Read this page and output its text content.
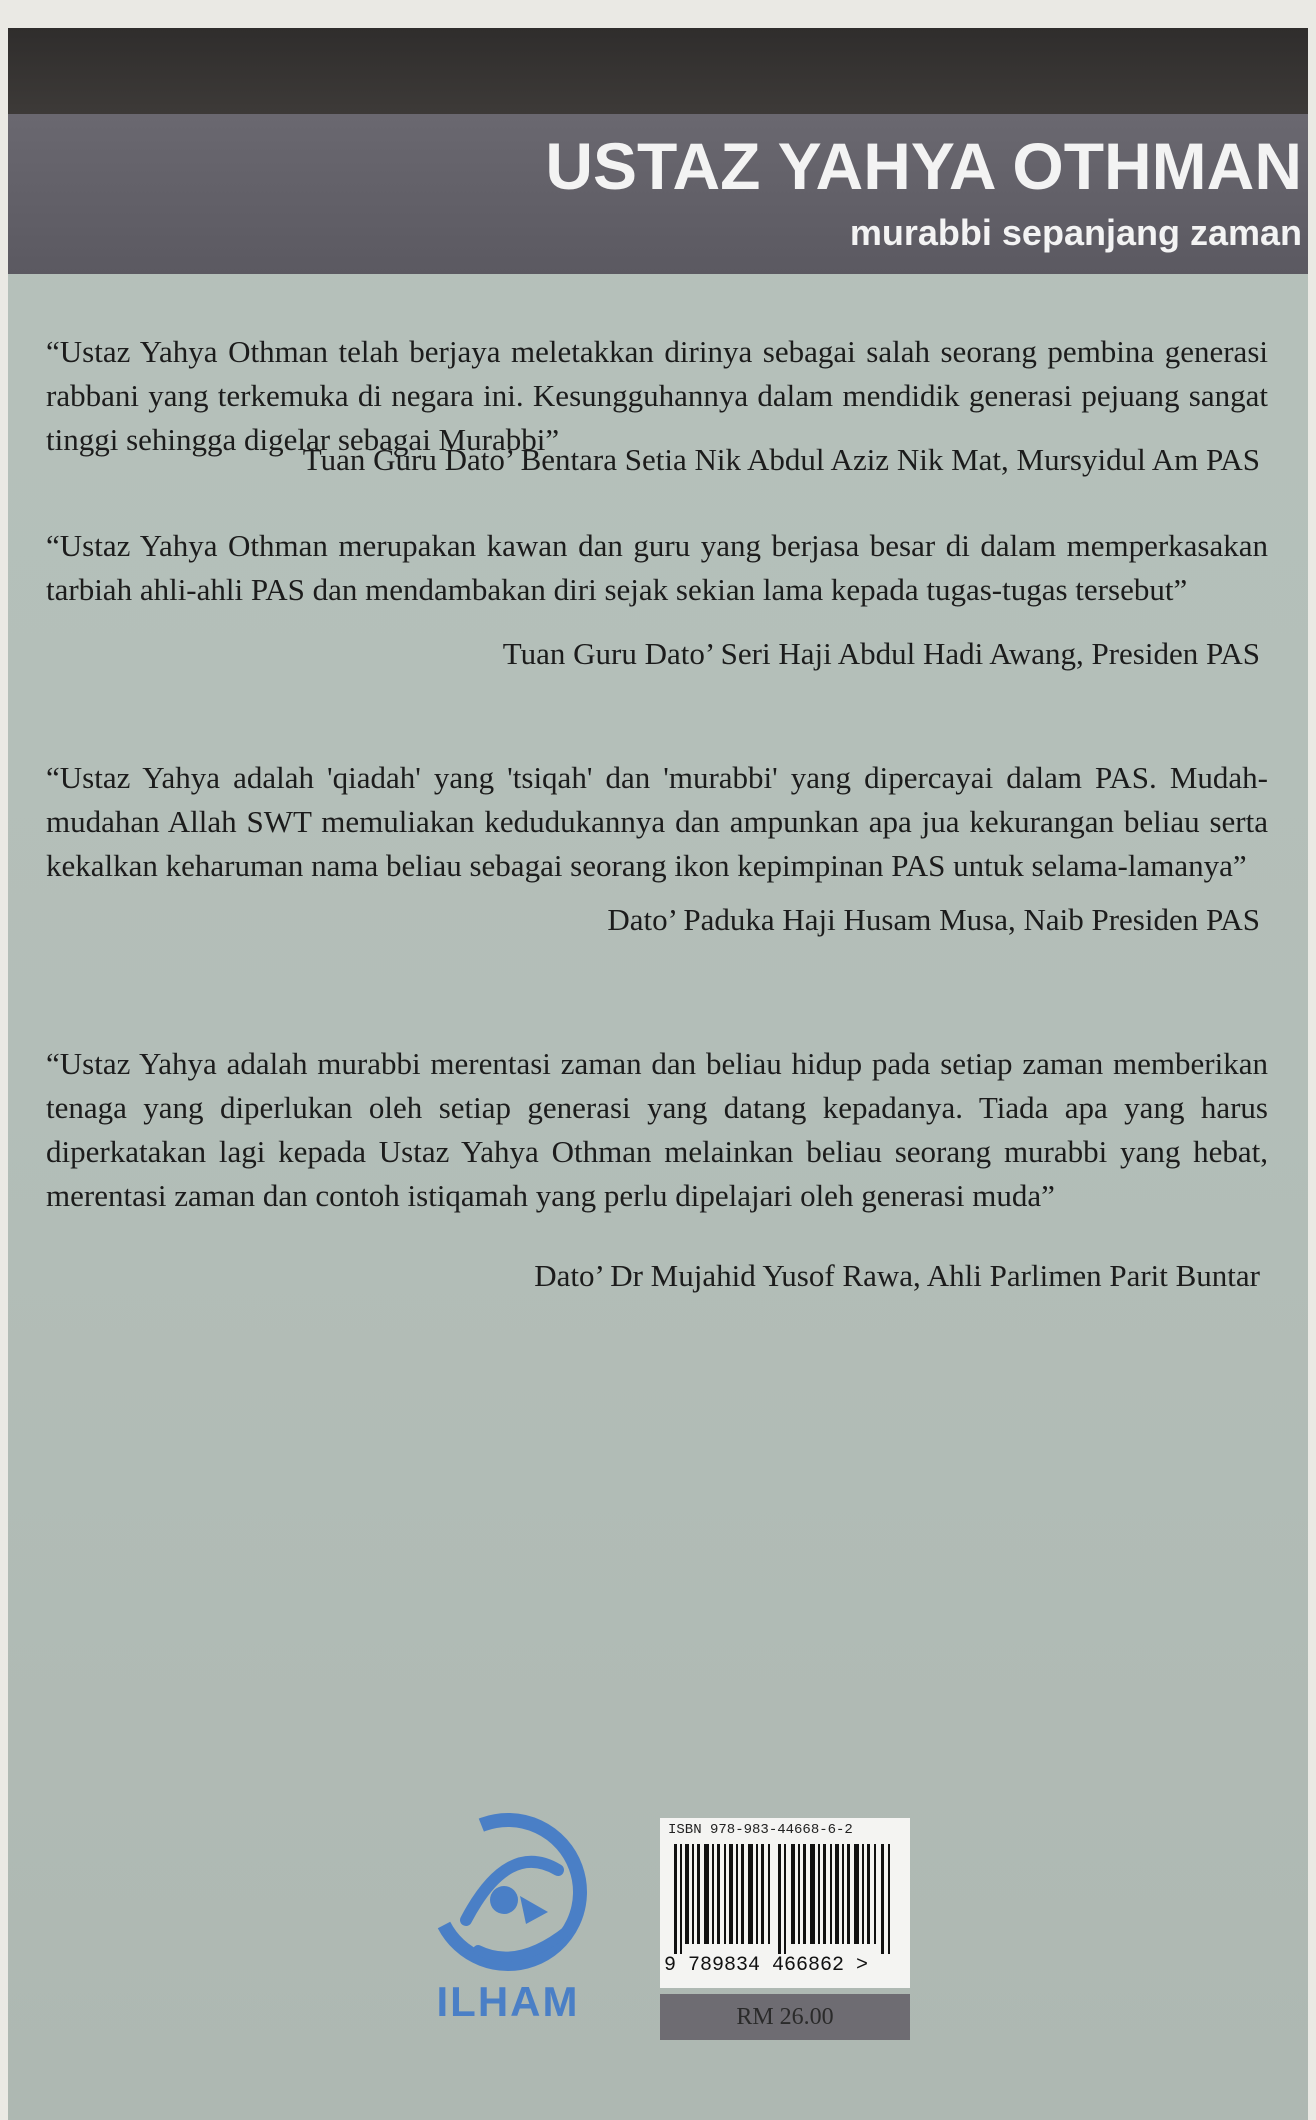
USTAZ YAHYA OTHMAN
murabbi sepanjang zaman
“Ustaz Yahya Othman telah berjaya meletakkan dirinya sebagai salah seorang pembina generasi rabbani yang terkemuka di negara ini. Kesungguhannya dalam mendidik generasi pejuang sangat tinggi sehingga digelar sebagai Murabbi”
Tuan Guru Dato’ Bentara Setia Nik Abdul Aziz Nik Mat, Mursyidul Am PAS
“Ustaz Yahya Othman merupakan kawan dan guru yang berjasa besar di dalam memperkasakan tarbiah ahli-ahli PAS dan mendambakan diri sejak sekian lama kepada tugas-tugas tersebut”
Tuan Guru Dato’ Seri Haji Abdul Hadi Awang, Presiden PAS
“Ustaz Yahya adalah 'qiadah' yang 'tsiqah' dan 'murabbi' yang dipercayai dalam PAS. Mudah-mudahan Allah SWT memuliakan kedudukannya dan ampunkan apa jua kekurangan beliau serta kekalkan keharuman nama beliau sebagai seorang ikon kepimpinan PAS untuk selama-lamanya”
Dato’ Paduka Haji Husam Musa, Naib Presiden PAS
“Ustaz Yahya adalah murabbi merentasi zaman dan beliau hidup pada setiap zaman memberikan tenaga yang diperlukan oleh setiap generasi yang datang kepadanya. Tiada apa yang harus diperkatakan lagi kepada Ustaz Yahya Othman melainkan beliau seorang murabbi yang hebat, merentasi zaman dan contoh istiqamah yang perlu dipelajari oleh generasi muda”
Dato’ Dr Mujahid Yusof Rawa, Ahli Parlimen Parit Buntar
ILHAM
ISBN 978-983-44668-6-2
9 789834 466862 >
RM 26.00
